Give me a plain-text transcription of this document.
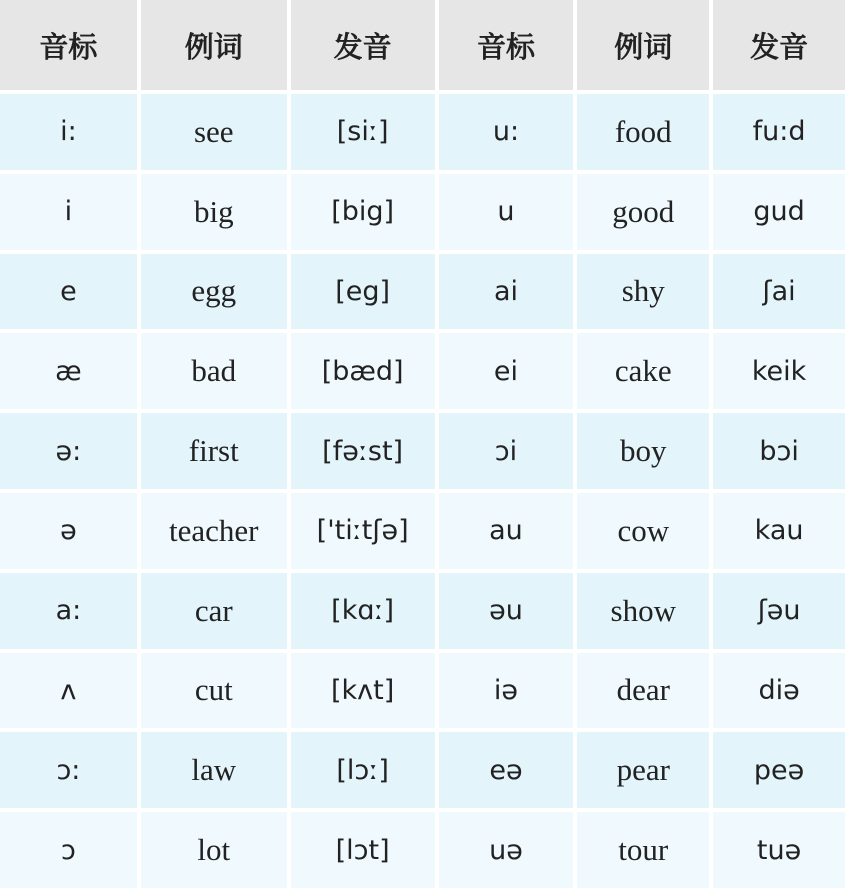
音标	例词	发音	音标	例词	发音
i:	see	[siː]	u:	food	fu:d
i	big	[big]	u	good	gud
e	egg	[eg]	ai	shy	ʃai
æ	bad	[bæd]	ei	cake	keik
ə:	first	[fəːst]	ɔi	boy	bɔi
ə	teacher	['tiːtʃə]	au	cow	kau
a:	car	[kɑː]	əu	show	ʃəu
ʌ	cut	[kʌt]	iə	dear	diə
ɔ:	law	[lɔː]	eə	pear	peə
ɔ	lot	[lɔt]	uə	tour	tuə
